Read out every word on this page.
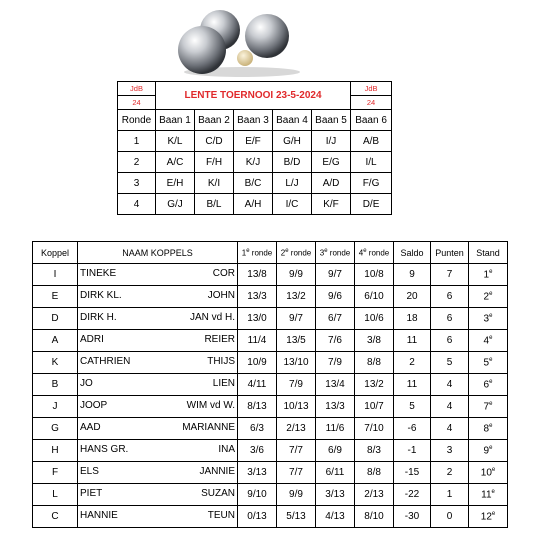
JdB	LENTE TOERNOOI 23-5-2024					JdB
24						24
Ronde	Baan 1	Baan 2	Baan 3	Baan 4	Baan 5	Baan 6
1	K/L	C/D	E/F	G/H	I/J	A/B
2	A/C	F/H	K/J	B/D	E/G	I/L
3	E/H	K/I	B/C	L/J	A/D	F/G
4	G/J	B/L	A/H	I/C	K/F	D/E
Koppel	NAAM KOPPELS	1e ronde	2e ronde	3e ronde	4e ronde	Saldo	Punten	Stand
I	TINEKE COR	13/8	9/9	9/7	10/8	9	7	1e
E	DIRK KL. JOHN	13/3	13/2	9/6	6/10	20	6	2e
D	DIRK H. JAN vd H.	13/0	9/7	6/7	10/6	18	6	3e
A	ADRI REIER	11/4	13/5	7/6	3/8	11	6	4e
K	CATHRIEN THIJS	10/9	13/10	7/9	8/8	2	5	5e
B	JO LIEN	4/11	7/9	13/4	13/2	11	4	6e
J	JOOP WIM vd W.	8/13	10/13	13/3	10/7	5	4	7e
G	AAD MARIANNE	6/3	2/13	11/6	7/10	-6	4	8e
H	HANS GR. INA	3/6	7/7	6/9	8/3	-1	3	9e
F	ELS JANNIE	3/13	7/7	6/11	8/8	-15	2	10e
L	PIET SUZAN	9/10	9/9	3/13	2/13	-22	1	11e
C	HANNIE TEUN	0/13	5/13	4/13	8/10	-30	0	12e
